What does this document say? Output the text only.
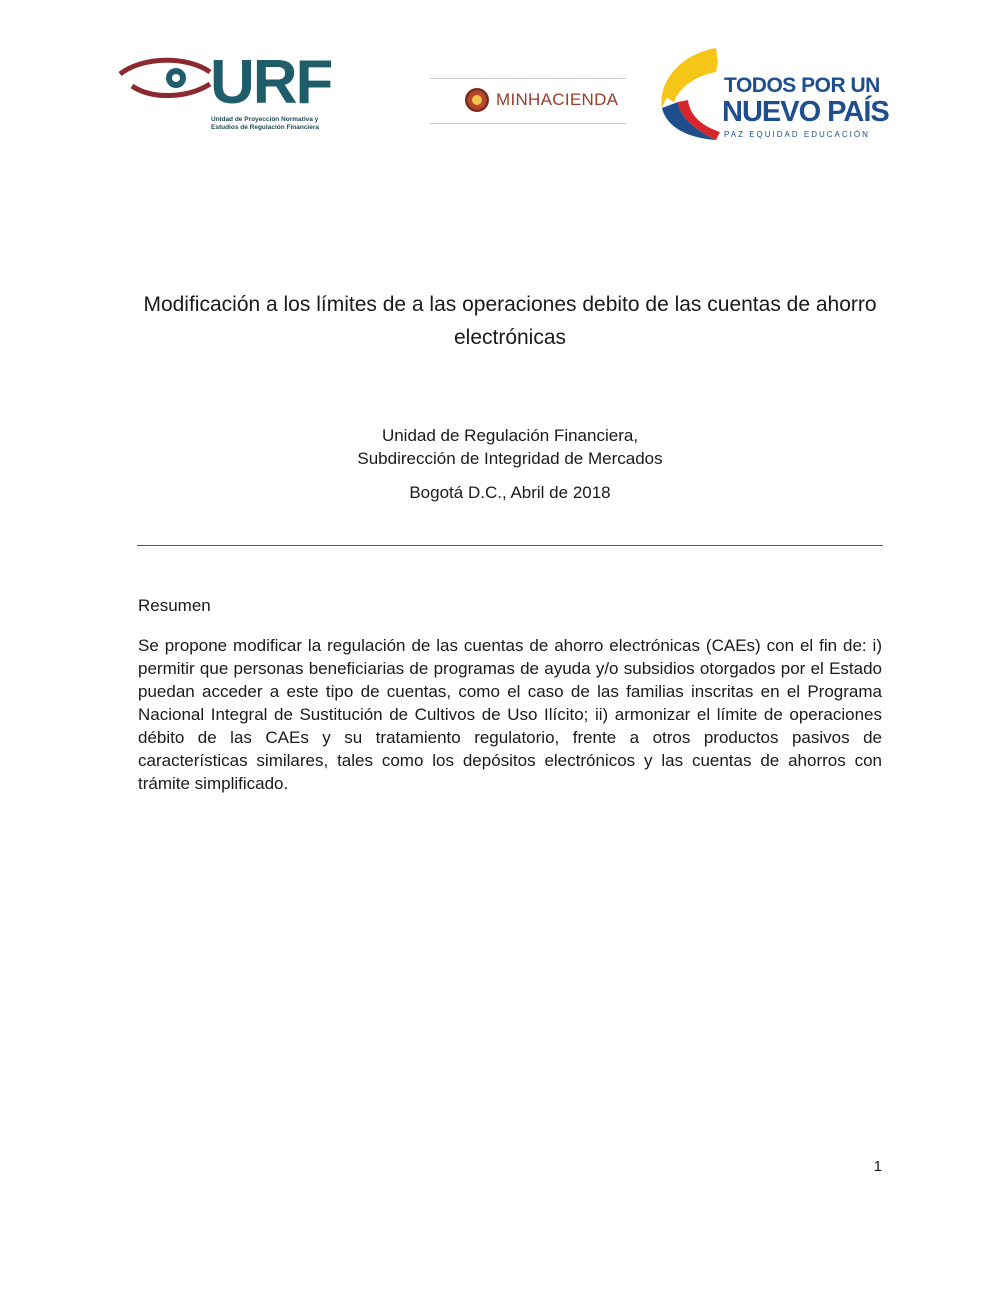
URF
Unidad de Proyección Normativa y Estudios de Regulación Financiera
MINHACIENDA
TODOS POR UN
NUEVO PAÍS
PAZ EQUIDAD EDUCACIÓN
Modificación a los límites de a las operaciones debito de las cuentas de ahorro electrónicas
Unidad de Regulación Financiera,
Subdirección de Integridad de Mercados
Bogotá D.C., Abril de 2018
Resumen
Se propone modificar la regulación de las cuentas de ahorro electrónicas (CAEs) con el fin de: i) permitir que personas beneficiarias de programas de ayuda y/o subsidios otorgados por el Estado puedan acceder a este tipo de cuentas, como el caso de las familias inscritas en el Programa Nacional Integral de Sustitución de Cultivos de Uso Ilícito; ii) armonizar el límite de operaciones débito de las CAEs y su tratamiento regulatorio, frente a otros productos pasivos de características similares, tales como los depósitos electrónicos y las cuentas de ahorros con trámite simplificado.
1
